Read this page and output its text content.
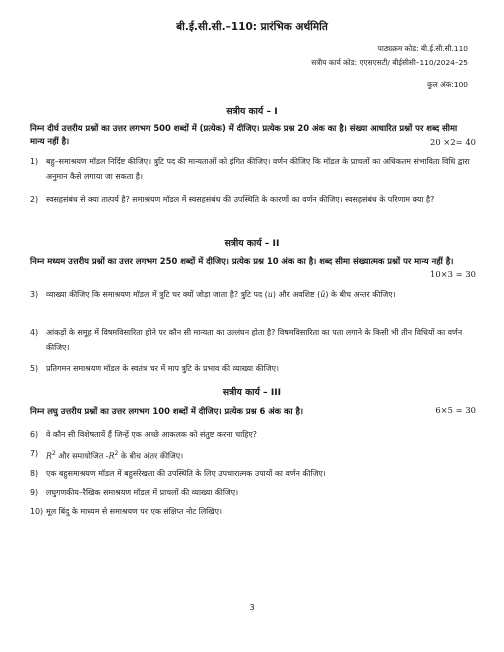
बी.ई.सी.सी.–110: प्रारंभिक अर्थमिति
पाठ्यक्रम कोड: बी.ई.सी.सी.110
सत्रीय कार्य कोड: एएसएसटी/ बीईसीसी–110/2024–25
कुल अंक:100
सत्रीय कार्य – I
निम्न दीर्घ उत्तरीय प्रश्नों का उत्तर लगभग 500 शब्दों में (प्रत्येक) में दीजिए। प्रत्येक प्रश्न 20 अंक का है। संख्या आधारित प्रश्नों पर शब्द सीमा मान्य नहीं है।	20 ×2= 40
1) बहु–समाश्रयण मॉडल निर्दिष्ट कीजिए। त्रुटि पद की मान्यताओं को इंगित कीजिए। वर्णन कीजिए कि मॉडल के प्राचलों का अधिकतम संभाविता विधि द्वारा अनुमान कैसे लगाया जा सकता है।
2) स्वसहसंबंध से क्या तात्पर्य है? समाश्रयण मॉडल में स्वसहसंबंध की उपस्थिति के कारणों का वर्णन कीजिए। स्वसहसंबंध के परिणाम क्या है?
सत्रीय कार्य – II
निम्न मध्यम उत्तरीय प्रश्नों का उत्तर लगभग 250 शब्दों में दीजिए। प्रत्येक प्रश्न 10 अंक का है। शब्द सीमा संख्यात्मक प्रश्नों पर मान्य नहीं है।
10×3 = 30
3) व्याख्या कीजिए कि समाश्रयण मॉडल में त्रुटि चर क्यों जोड़ा जाता है? त्रुटि पद (u) और अवशिष्ट (û) के बीच अन्तर कीजिए।
4) आंकड़ों के समूह में विषमविसारिता होने पर कौन सी मान्यता का उल्लंघन होता है? विषमविसारिता का पता लगाने के किसी भी तीन विधियों का वर्णन कीजिए।
5) प्रतिगमन समाश्रयण मॉडल के स्वतंत्र चर में माप त्रुटि के प्रभाव की व्याख्या कीजिए।
सत्रीय कार्य – III
निम्न लघु उत्तरीय प्रश्नों का उत्तर लगभग 100 शब्दों में दीजिए। प्रत्येक प्रश्न 6 अंक का है।	6×5 = 30
6) वे कौन सी विशेषतायें हैं जिन्हें एक अच्छे आकलक को संतुष्ट करना चाहिए?
7) $R^2$ और समायोजित $-R^2$ के बीच अंतर कीजिए।
8) एक बहुसमाश्रयण मॉडल में बहुसंरेखता की उपस्थिति के लिए उपचारात्मक उपायों का वर्णन कीजिए।
9) लघुगणकीय–रैखिक समाश्रयण मॉडल में प्राचलों की व्याख्या कीजिए।
10) मूल बिंदु के माध्यम से समाश्रयण पर एक संक्षिप्त नोट लिखिए।
3
